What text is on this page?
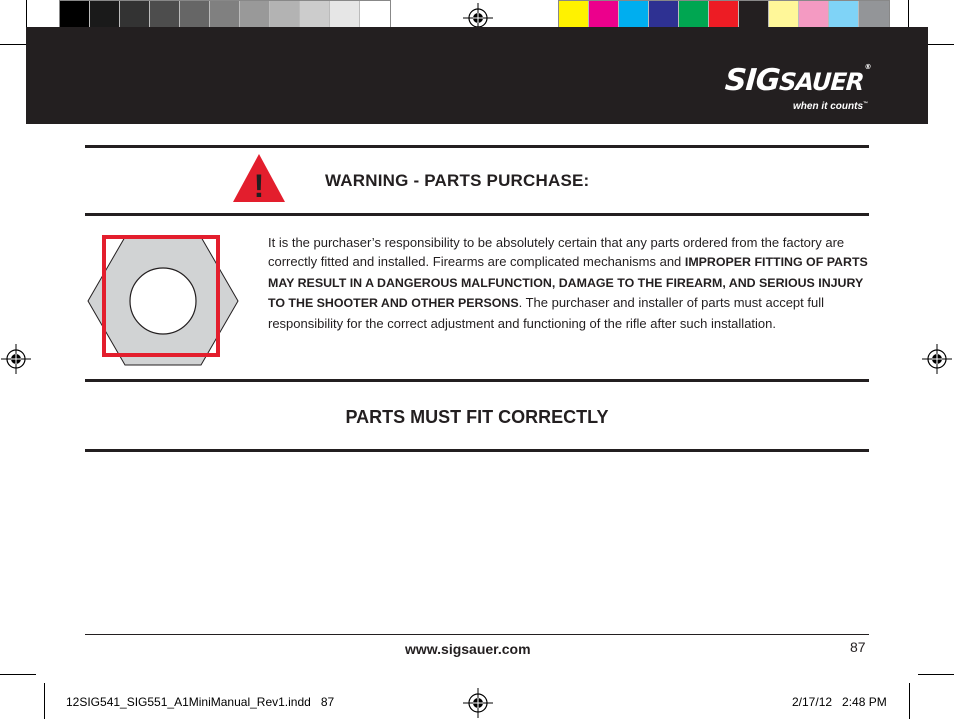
SIGSAUER®
when it counts™
!	WARNING - PARTS PURCHASE:
It is the purchaser’s responsibility to be absolutely certain that any parts ordered from the factory are correctly fitted and installed. Firearms are complicated mechanisms and IMPROPER FITTING OF PARTS MAY RESULT IN A DANGEROUS MALFUNCTION, DAMAGE TO THE FIREARM, AND SERIOUS INJURY TO THE SHOOTER AND OTHER PERSONS. The purchaser and installer of parts must accept full responsibility for the correct adjustment and functioning of the rifle after such installation.
PARTS MUST FIT CORRECTLY
www.sigsauer.com	87
12SIG541_SIG551_A1MiniManual_Rev1.indd   87	2/17/12   2:48 PM
